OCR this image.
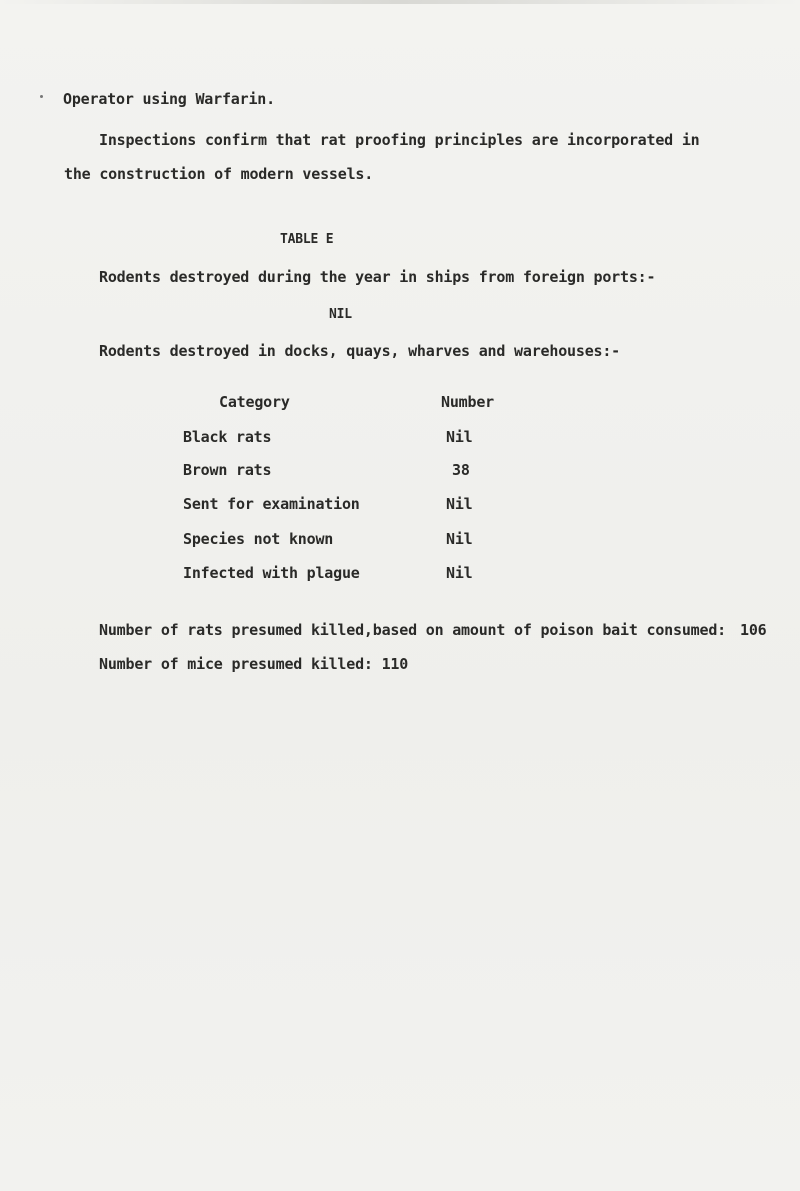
Operator using Warfarin.
Inspections confirm that rat proofing principles are incorporated in
the construction of modern vessels.
TABLE E
Rodents destroyed during the year in ships from foreign ports:-
NIL
Rodents destroyed in docks, quays, wharves and warehouses:-
Category	Number
Black rats	Nil
Brown rats	38
Sent for examination	Nil
Species not known	Nil
Infected with plague	Nil
Number of rats presumed killed,based on amount of poison bait consumed: 106
Number of mice presumed killed: 110
